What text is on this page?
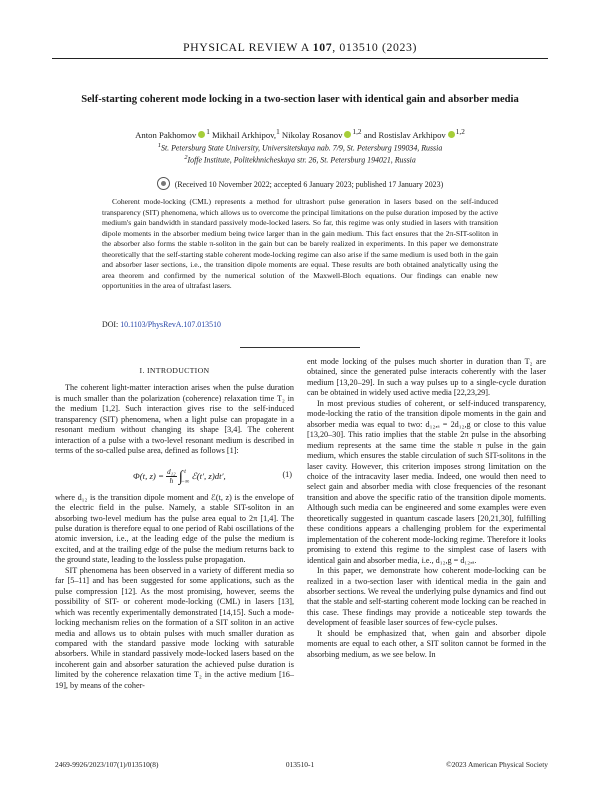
PHYSICAL REVIEW A 107, 013510 (2023)
Self-starting coherent mode locking in a two-section laser with identical gain and absorber media
Anton Pakhomov $^1$ Mikhail Arkhipov,$^1$ Nikolay Rosanov $^{1,2}$ and Rostislav Arkhipov $^{1,2}$
$^1$St. Petersburg State University, Universitetskaya nab. 7/9, St. Petersburg 199034, Russia
$^2$Ioffe Institute, Politekhnicheskaya str. 26, St. Petersburg 194021, Russia
(Received 10 November 2022; accepted 6 January 2023; published 17 January 2023)
Coherent mode-locking (CML) represents a method for ultrashort pulse generation in lasers based on the self-induced transparency (SIT) phenomena, which allows us to overcome the principal limitations on the pulse duration imposed by the active medium's gain bandwidth in standard passively mode-locked lasers. So far, this regime was only studied in lasers with transition dipole moments in the absorber medium being twice larger than in the gain medium. This fact ensures that the 2π-SIT-soliton in the absorber also forms the stable π-soliton in the gain but can be barely realized in experiments. In this paper we demonstrate theoretically that the self-starting stable coherent mode-locking regime can also arise if the same medium is used both in the gain and absorber laser sections, i.e., the transition dipole moments are equal. These results are both obtained analytically using the area theorem and confirmed by the numerical solution of the Maxwell-Bloch equations. Our findings can enable new opportunities in the area of ultrafast lasers.
DOI: 10.1103/PhysRevA.107.013510
I. INTRODUCTION

The coherent light-matter interaction arises when the pulse duration is much smaller than the polarization (coherence) relaxation time T₂ in the medium [1,2]. Such interaction gives rise to the self-induced transparency (SIT) phenomena, when a light pulse can propagate in a resonant medium without changing its shape [3,4]. The coherent interaction of a pulse with a two-level resonant medium is described in terms of the so-called pulse area, defined as follows [1]:

Φ(t, $z) = \frac{\text{d₁₂}}{ħ}$ ∫ t
−∞
ℰ(t′, z)dt′,	(1)

where d₁₂ is the transition dipole moment and ℰ(t, z) is the envelope of the electric field in the pulse. Namely, a stable SIT-soliton in an absorbing two-level medium has the pulse area equal to 2π [1,4]. The pulse duration is therefore equal to one period of Rabi oscillations of the atomic inversion, i.e., at the leading edge of the pulse the medium is excited, and at the trailing edge of the pulse the medium returns back to the ground state, leading to the lossless pulse propagation.

SIT phenomena has been observed in a variety of different media so far [5–11] and has been suggested for some applications, such as the pulse compression [12]. As the most promising, however, seems the possibility of SIT- or coherent mode-locking (CML) in lasers [13], which was recently experimentally demonstrated [14,15]. Such a mode-locking mechanism relies on the formation of a SIT soliton in an active media and allows us to obtain pulses with much smaller duration as compared with the standard passive mode locking with saturable absorbers. While in standard passively mode-locked lasers based on the incoherent gain and absorber saturation the achieved pulse duration is limited by the coherence relaxation time T₂ in the active medium [16–19], by means of the coher-

ent mode locking of the pulses much shorter in duration than T₂ are obtained, since the generated pulse interacts coherently with the laser medium [13,20–29]. In such a way pulses up to a single-cycle duration can be obtained in widely used active media [22,23,29].

In most previous studies of coherent, or self-induced transparency, mode-locking the ratio of the transition dipole moments in the gain and absorber media was equal to two: d₁₂,ₐ = 2d₁₂,g or close to this value [13,20–30]. This ratio implies that the stable 2π pulse in the absorbing medium represents at the same time the stable π pulse in the gain medium, which ensures the stable circulation of such SIT-solitons in the laser cavity. However, this criterion imposes strong limitation on the choice of the intracavity laser media. Indeed, one would then need to select gain and absorber media with close frequencies of the resonant transition and above the specific ratio of the transition dipole moments. Although such media can be engineered and some examples were even theoretically suggested in quantum cascade lasers [20,21,30], fulfilling these conditions appears a challenging problem for the experimental implementation of the coherent mode-locking regime. Therefore it looks promising to extend this regime to the simplest case of lasers with identical gain and absorber media, i.e., d₁₂,g = d₁₂,ₐ.

In this paper, we demonstrate how coherent mode-locking can be realized in a two-section laser with identical media in the gain and absorber sections. We reveal the underlying pulse dynamics and find out that the stable and self-starting coherent mode locking can be reached in this case. These findings may provide a noticeable step towards the development of feasible laser sources of few-cycle pulses.

It should be emphasized that, when gain and absorber dipole moments are equal to each other, a SIT soliton cannot be formed in the absorbing medium, as we see below. In

2469-9926/2023/107(1)/013510(8)	013510-1	©2023 American Physical Society
